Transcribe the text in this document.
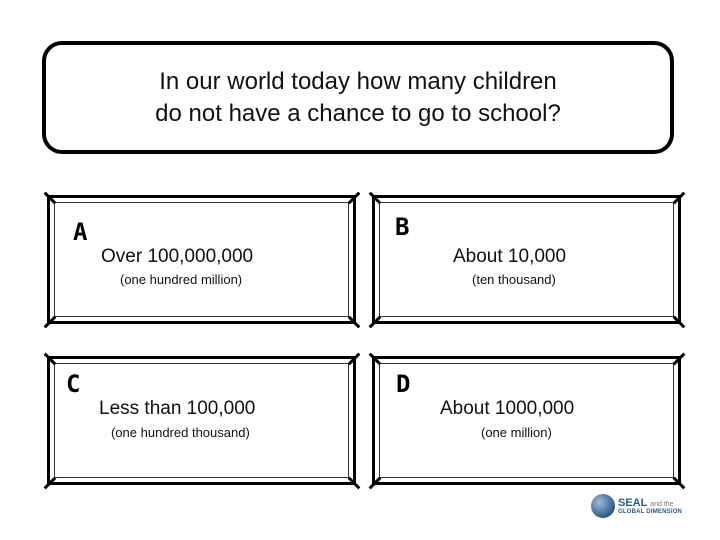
In our world today how many children
do not have a chance to go to school?
A
Over 100,000,000
(one hundred million)
B
About 10,000
(ten thousand)
C
Less than 100,000
(one hundred thousand)
D
About 1000,000
(one million)
SEAL and the
GLOBAL DIMENSION
